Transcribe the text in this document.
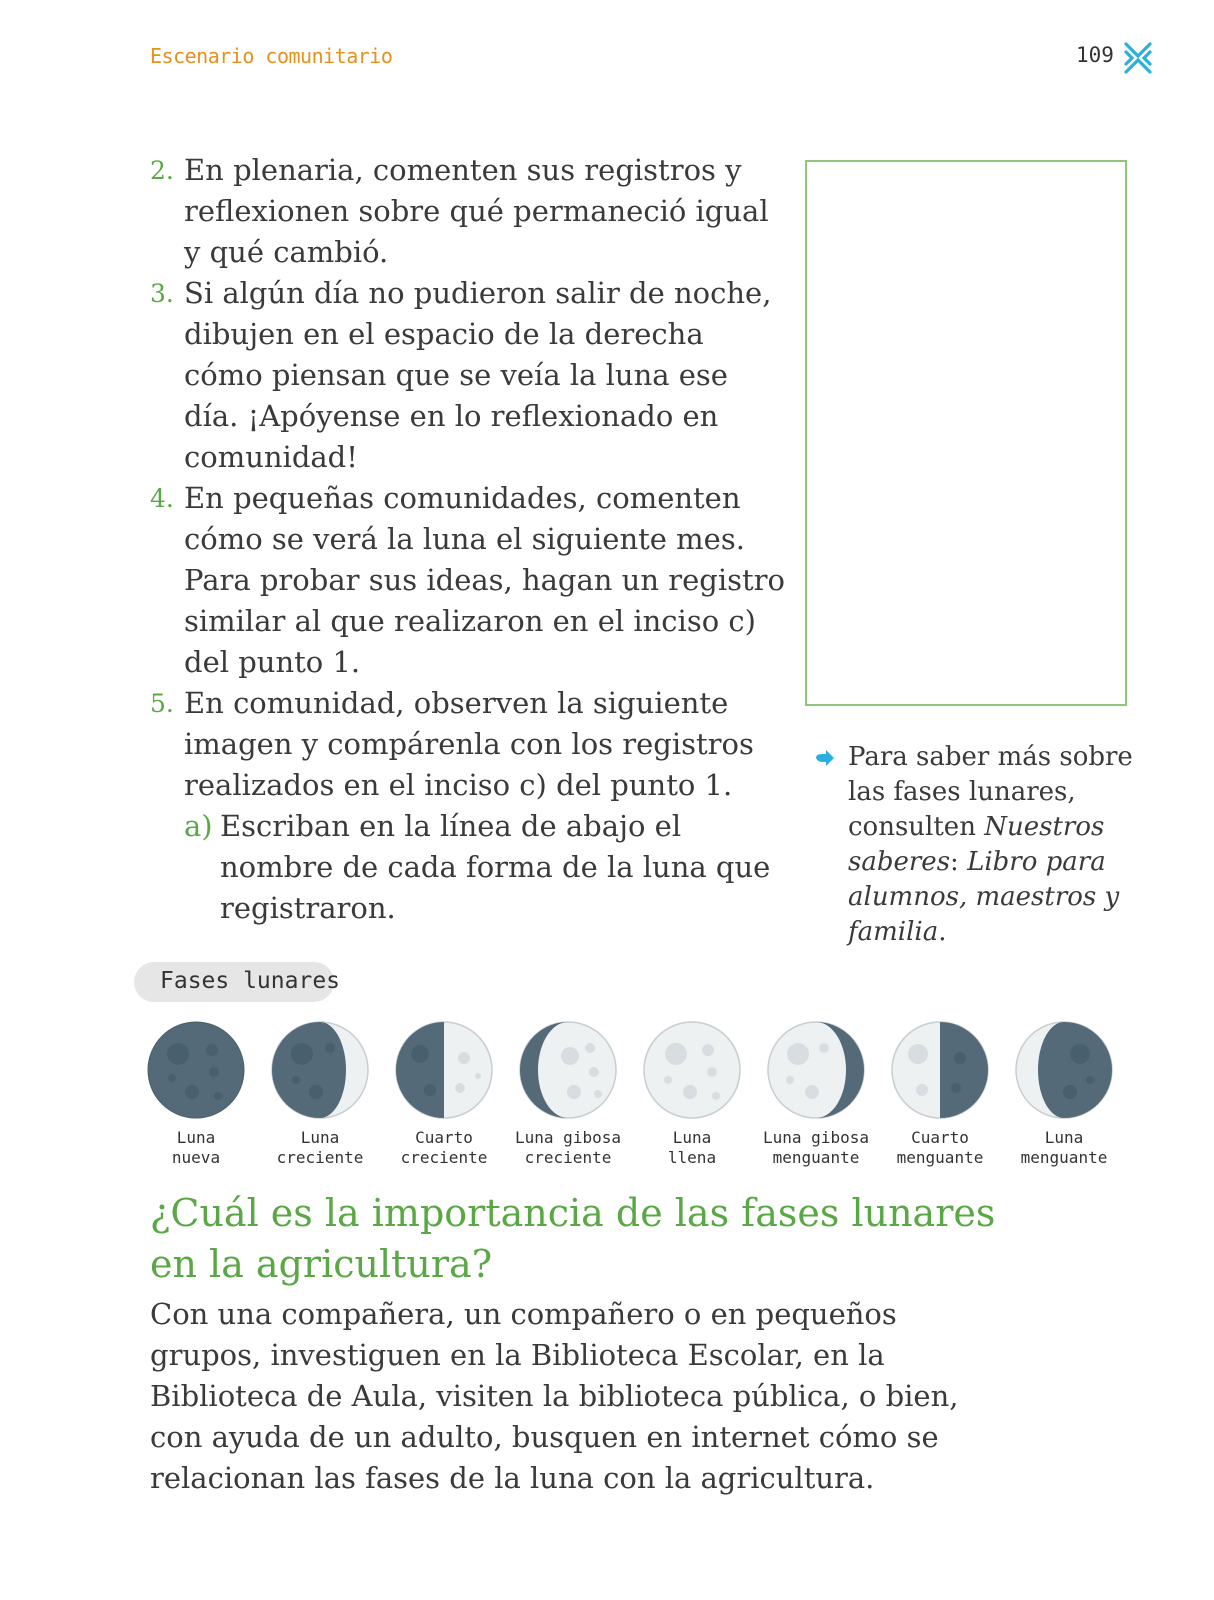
Escenario comunitario	109
2. En plenaria, comenten sus registros y reflexionen sobre qué permaneció igual y qué cambió.
3. Si algún día no pudieron salir de noche, dibujen en el espacio de la derecha cómo piensan que se veía la luna ese día. ¡Apóyense en lo reflexionado en comunidad!
4. En pequeñas comunidades, comenten cómo se verá la luna el siguiente mes. Para probar sus ideas, hagan un registro similar al que realizaron en el inciso c) del punto 1.
5. En comunidad, observen la siguiente imagen y compárenla con los registros realizados en el inciso c) del punto 1.
a) Escriban en la línea de abajo el nombre de cada forma de la luna que registraron.
Para saber más sobre las fases lunares, consulten Nuestros saberes: Libro para alumnos, maestros y familia.
Fases lunares
Luna
nueva
Luna
creciente
Cuarto
creciente
Luna gibosa
creciente
Luna
llena
Luna gibosa
menguante
Cuarto
menguante
Luna
menguante
¿Cuál es la importancia de las fases lunares en la agricultura?

Con una compañera, un compañero o en pequeños grupos, investiguen en la Biblioteca Escolar, en la Biblioteca de Aula, visiten la biblioteca pública, o bien, con ayuda de un adulto, busquen en internet cómo se relacionan las fases de la luna con la agricultura.
